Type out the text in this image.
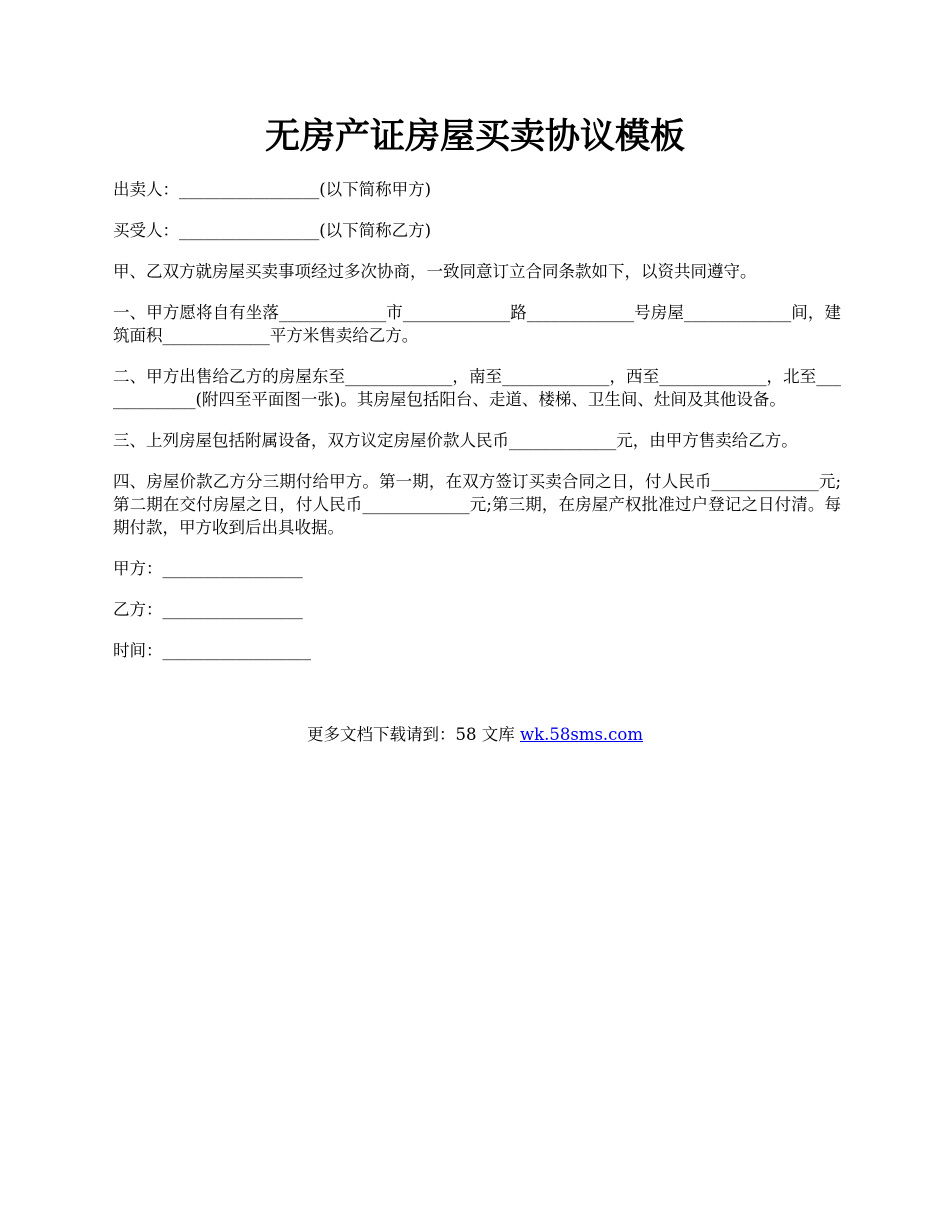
无房产证房屋买卖协议模板

出卖人：_________________(以下简称甲方)

买受人：_________________(以下简称乙方)

甲、乙双方就房屋买卖事项经过多次协商，一致同意订立合同条款如下，以资共同遵守。

一、甲方愿将自有坐落_____________市_____________路_____________号房屋_____________间，建筑面积_____________平方米售卖给乙方。

二、甲方出售给乙方的房屋东至_____________，南至_____________，西至_____________，北至_____________(附四至平面图一张)。其房屋包括阳台、走道、楼梯、卫生间、灶间及其他设备。

三、上列房屋包括附属设备，双方议定房屋价款人民币_____________元，由甲方售卖给乙方。

四、房屋价款乙方分三期付给甲方。第一期，在双方签订买卖合同之日，付人民币_____________元;第二期在交付房屋之日，付人民币_____________元;第三期，在房屋产权批准过户登记之日付清。每期付款，甲方收到后出具收据。

甲方：_________________

乙方：_________________

时间：__________________

更多文档下载请到：58 文库 wk.58sms.com
